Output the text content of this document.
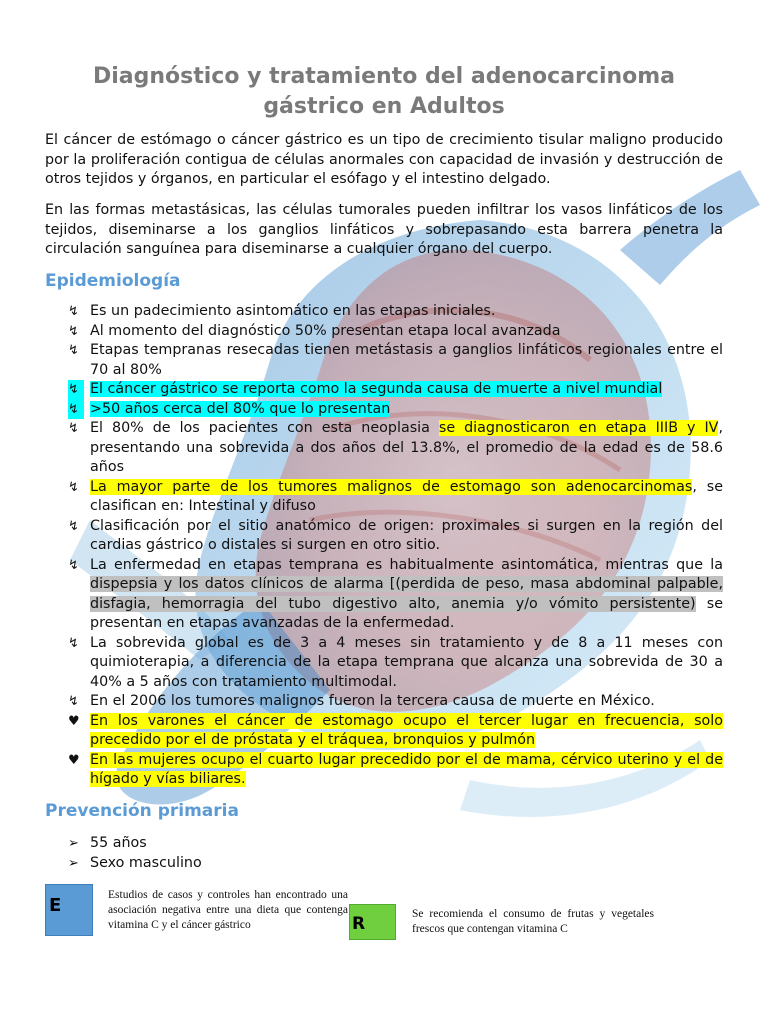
Diagnóstico y tratamiento del adenocarcinoma gástrico en Adultos

El cáncer de estómago o cáncer gástrico es un tipo de crecimiento tisular maligno producido por la proliferación contigua de células anormales con capacidad de invasión y destrucción de otros tejidos y órganos, en particular el esófago y el intestino delgado.

En las formas metastásicas, las células tumorales pueden infiltrar los vasos linfáticos de los tejidos, diseminarse a los ganglios linfáticos y sobrepasando esta barrera penetra la circulación sanguínea para diseminarse a cualquier órgano del cuerpo.

Epidemiología
↯ Es un padecimiento asintomático en las etapas iniciales.
↯ Al momento del diagnóstico 50% presentan etapa local avanzada
↯ Etapas tempranas resecadas tienen metástasis a ganglios linfáticos regionales entre el 70 al 80%
↯ El cáncer gástrico se reporta como la segunda causa de muerte a nivel mundial
↯ >50 años cerca del 80% que lo presentan
↯ El 80% de los pacientes con esta neoplasia se diagnosticaron en etapa IIIB y IV, presentando una sobrevida a dos años del 13.8%, el promedio de la edad es de 58.6 años
↯ La mayor parte de los tumores malignos de estomago son adenocarcinomas, se clasifican en: Intestinal y difuso
↯ Clasificación por el sitio anatómico de origen: proximales si surgen en la región del cardias gástrico o distales si surgen en otro sitio.
↯ La enfermedad en etapas temprana es habitualmente asintomática, mientras que la dispepsia y los datos clínicos de alarma [(perdida de peso, masa abdominal palpable, disfagia, hemorragia del tubo digestivo alto, anemia y/o vómito persistente) se presentan en etapas avanzadas de la enfermedad.
↯ La sobrevida global es de 3 a 4 meses sin tratamiento y de 8 a 11 meses con quimioterapia, a diferencia de la etapa temprana que alcanza una sobrevida de 30 a 40% a 5 años con tratamiento multimodal.
↯ En el 2006 los tumores malignos fueron la tercera causa de muerte en México.
♥ En los varones el cáncer de estomago ocupo el tercer lugar en frecuencia, solo precedido por el de próstata y el tráquea, bronquios y pulmón
♥ En las mujeres ocupo el cuarto lugar precedido por el de mama, cérvico uterino y el de hígado y vías biliares.
Prevención primaria
➢ 55 años
➢ Sexo masculino
E	Estudios de casos y controles han encontrado una asociación negativa entre una dieta que contenga vitamina C y el cáncer gástrico	R	Se recomienda el consumo de frutas y vegetales frescos que contengan vitamina C
